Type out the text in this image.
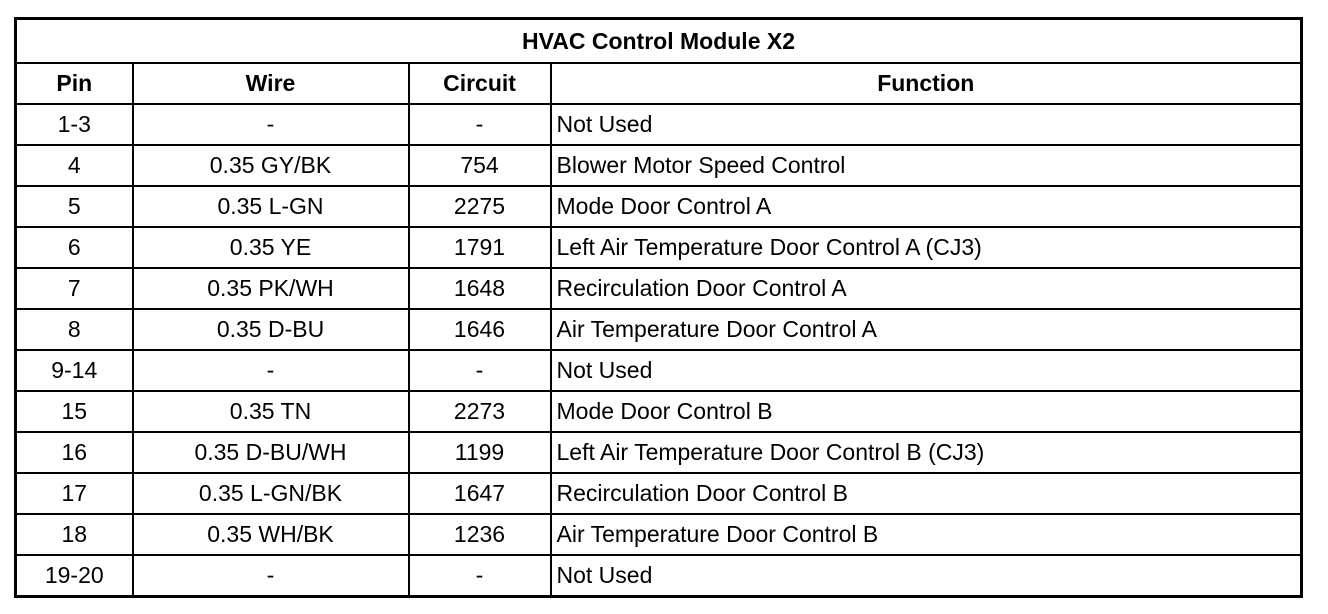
HVAC Control Module X2			
Pin	Wire	Circuit	Function
1-3	-	-	Not Used
4	0.35 GY/BK	754	Blower Motor Speed Control
5	0.35 L-GN	2275	Mode Door Control A
6	0.35 YE	1791	Left Air Temperature Door Control A (CJ3)
7	0.35 PK/WH	1648	Recirculation Door Control A
8	0.35 D-BU	1646	Air Temperature Door Control A
9-14	-	-	Not Used
15	0.35 TN	2273	Mode Door Control B
16	0.35 D-BU/WH	1199	Left Air Temperature Door Control B (CJ3)
17	0.35 L-GN/BK	1647	Recirculation Door Control B
18	0.35 WH/BK	1236	Air Temperature Door Control B
19-20	-	-	Not Used
